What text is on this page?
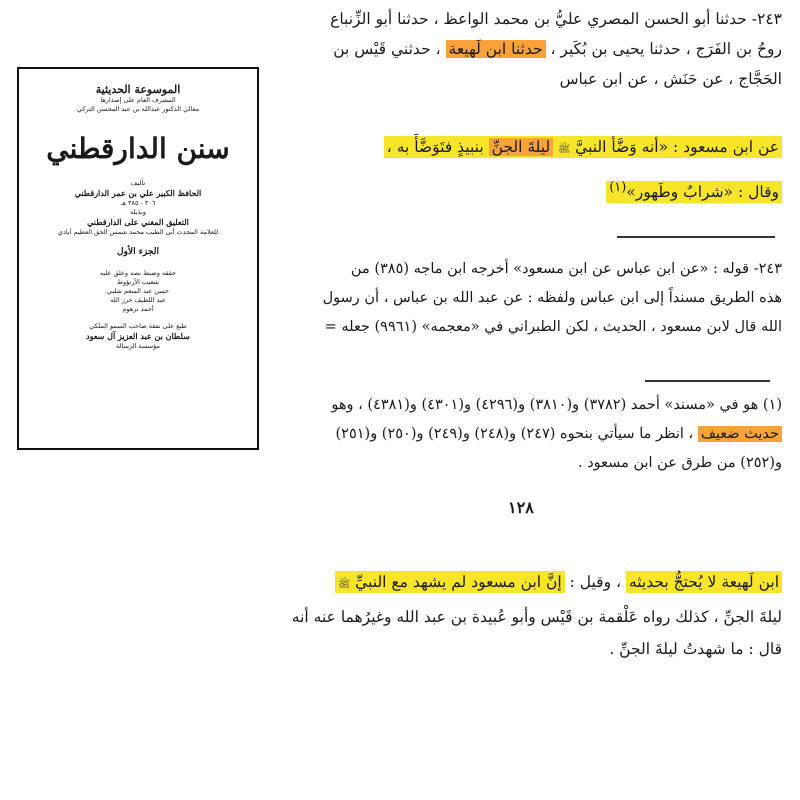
الموسوعة الحديثية
المشرف العام على إصدارها
معالي الدكتور عبدالله بن عبد المحسن التركي
سنن الدارقطني
تأليف
الحافظ الكبير علي بن عمر الدارقطني
٣٠٦ - ٣٨٥ هـ
وبذيله
التعليق المغني على الدارقطني
للعلامة المحدث أبي الطيب محمد شمس الحق العظيم آبادي
الجزء الأول
حققه وضبط نصه وعلق عليه
شعيب الأرنؤوط
حسن عبد المنعم شلبي
عبد اللطيف حرز الله
أحمد برهوم
طبع على نفقة صاحب السمو الملكي
سلطان بن عبد العزيز آل سعود
مؤسسة الرسالة
٢٤٣- حدثنا أبو الحسن المصري عليُّ بن محمد الواعظ ، حدثنا أبو الزِّنباع
روحُ بن الفَرَج ، حدثنا يحيى بن بُكَير ، حدثنا ابن لَهيعة ، حدثني قَيْس بن
الحَجَّاج ، عن حَنَش ، عن ابن عباس
عن ابن مسعود : «أنه وَضَّأ النبيَّ ﷺ ليلةَ الجنِّ بنبيذٍ فتَوَضَّأَ به ،
وقال : «شرابٌ وطَهور»$^{(١)}$
٢٤٣- قوله : «عن ابن عباس عن ابن مسعود» أخرجه ابن ماجه (٣٨٥) من
هذه الطريق مسنداً إلى ابن عباس ولفظه : عن عبد الله بن عباس ، أن رسول
الله قال لابن مسعود ، الحديث ، لكن الطبراني في «معجمه» (٩٩٦١) جعله =
(١) هو في «مسند» أحمد (٣٧٨٢) و(٣٨١٠) و(٤٢٩٦) و(٤٣٠١) و(٤٣٨١) ، وهو
حديث ضعيف ، انظر ما سيأتي بنحوه (٢٤٧) و(٢٤٨) و(٢٤٩) و(٢٥٠) و(٢٥١)
و(٢٥٢) من طرق عن ابن مسعود .
١٢٨
ابن لَهيعة لا يُحتجُّ بحديثه ، وقيل : إنَّ ابن مسعود لم يشهد مع النبيِّ ﷺ
ليلةَ الجنِّ ، كذلك رواه عَلْقمة بن قَيْس وأبو عُبيدة بن عبد الله وغيرُهما عنه أنه
قال : ما شهدتُ ليلةَ الجنِّ .
